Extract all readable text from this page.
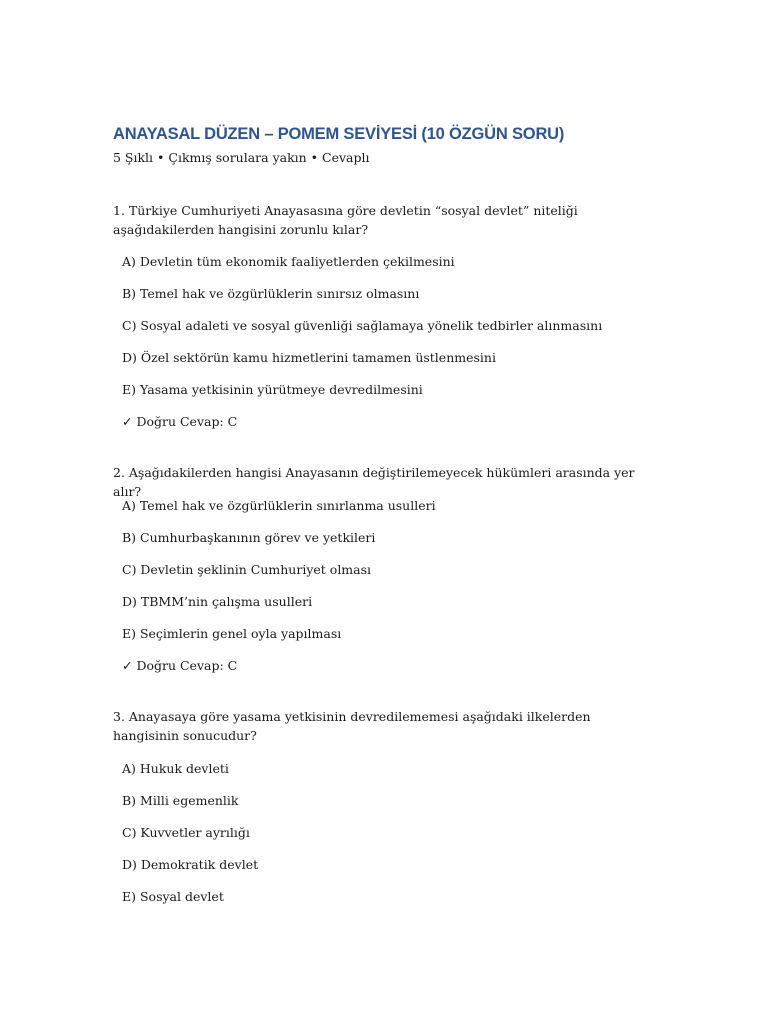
ANAYASAL DÜZEN – POMEM SEVİYESİ (10 ÖZGÜN SORU)
5 Şıklı • Çıkmış sorulara yakın • Cevaplı
1. Türkiye Cumhuriyeti Anayasasına göre devletin “sosyal devlet” niteliği aşağıdakilerden hangisini zorunlu kılar?
A) Devletin tüm ekonomik faaliyetlerden çekilmesini
B) Temel hak ve özgürlüklerin sınırsız olmasını
C) Sosyal adaleti ve sosyal güvenliği sağlamaya yönelik tedbirler alınmasını
D) Özel sektörün kamu hizmetlerini tamamen üstlenmesini
E) Yasama yetkisinin yürütmeye devredilmesini
✓ Doğru Cevap: C
2. Aşağıdakilerden hangisi Anayasanın değiştirilemeyecek hükümleri arasında yer alır?
A) Temel hak ve özgürlüklerin sınırlanma usulleri
B) Cumhurbaşkanının görev ve yetkileri
C) Devletin şeklinin Cumhuriyet olması
D) TBMM’nin çalışma usulleri
E) Seçimlerin genel oyla yapılması
✓ Doğru Cevap: C
3. Anayasaya göre yasama yetkisinin devredilememesi aşağıdaki ilkelerden hangisinin sonucudur?
A) Hukuk devleti
B) Milli egemenlik
C) Kuvvetler ayrılığı
D) Demokratik devlet
E) Sosyal devlet
